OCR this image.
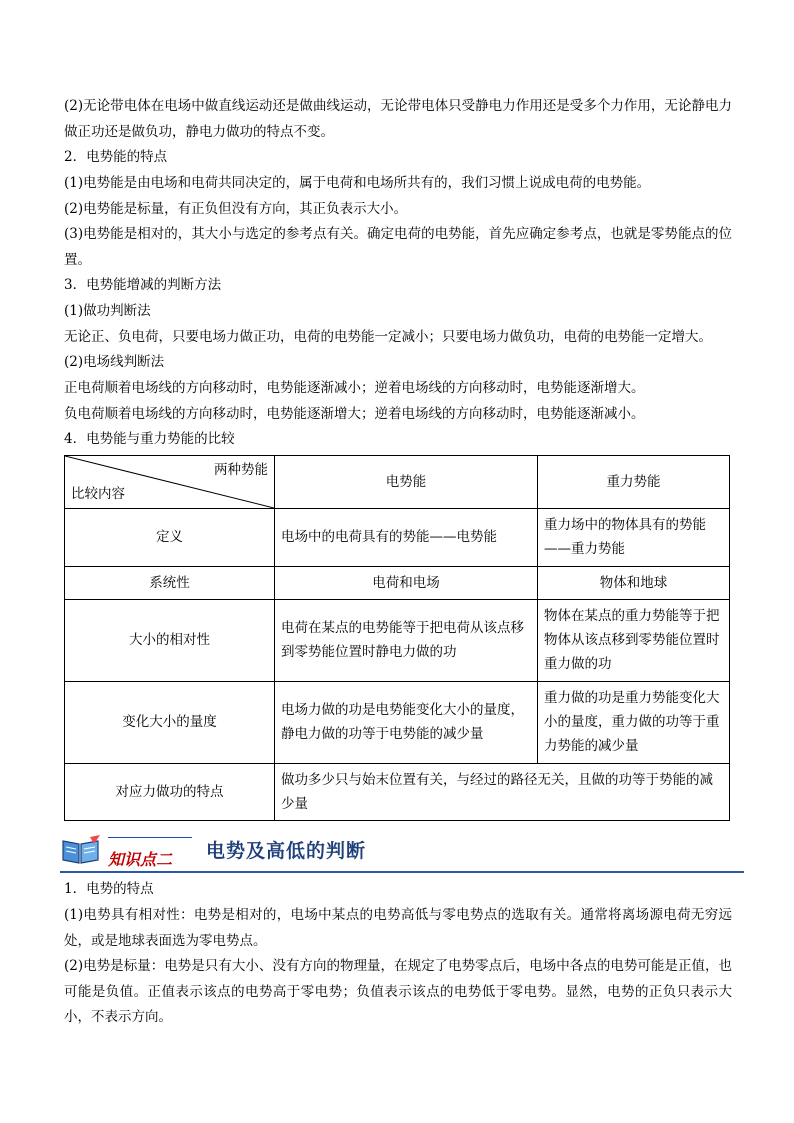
(2)无论带电体在电场中做直线运动还是做曲线运动，无论带电体只受静电力作用还是受多个力作用，无论静电力做正功还是做负功，静电力做功的特点不变。

2．电势能的特点

(1)电势能是由电场和电荷共同决定的，属于电荷和电场所共有的，我们习惯上说成电荷的电势能。

(2)电势能是标量，有正负但没有方向，其正负表示大小。

(3)电势能是相对的，其大小与选定的参考点有关。确定电荷的电势能，首先应确定参考点，也就是零势能点的位置。

3．电势能增减的判断方法

(1)做功判断法

无论正、负电荷，只要电场力做正功，电荷的电势能一定减小；只要电场力做负功，电荷的电势能一定增大。

(2)电场线判断法

正电荷顺着电场线的方向移动时，电势能逐渐减小；逆着电场线的方向移动时，电势能逐渐增大。

负电荷顺着电场线的方向移动时，电势能逐渐增大；逆着电场线的方向移动时，电势能逐渐减小。

4．电势能与重力势能的比较

两种势能
比较内容	电势能	重力势能
定义	电场中的电荷具有的势能——电势能	重力场中的物体具有的势能——重力势能
系统性	电荷和电场	物体和地球
大小的相对性	电荷在某点的电势能等于把电荷从该点移到零势能位置时静电力做的功	物体在某点的重力势能等于把物体从该点移到零势能位置时重力做的功
变化大小的量度	电场力做的功是电势能变化大小的量度，静电力做的功等于电势能的减少量	重力做的功是重力势能变化大小的量度，重力做的功等于重力势能的减少量
对应力做功的特点	做功多少只与始末位置有关，与经过的路径无关，且做的功等于势能的减少量	
知识点二 电势及高低的判断

1．电势的特点

(1)电势具有相对性：电势是相对的，电场中某点的电势高低与零电势点的选取有关。通常将离场源电荷无穷远处，或是地球表面选为零电势点。

(2)电势是标量：电势是只有大小、没有方向的物理量，在规定了电势零点后，电场中各点的电势可能是正值，也可能是负值。正值表示该点的电势高于零电势；负值表示该点的电势低于零电势。显然，电势的正负只表示大小，不表示方向。
